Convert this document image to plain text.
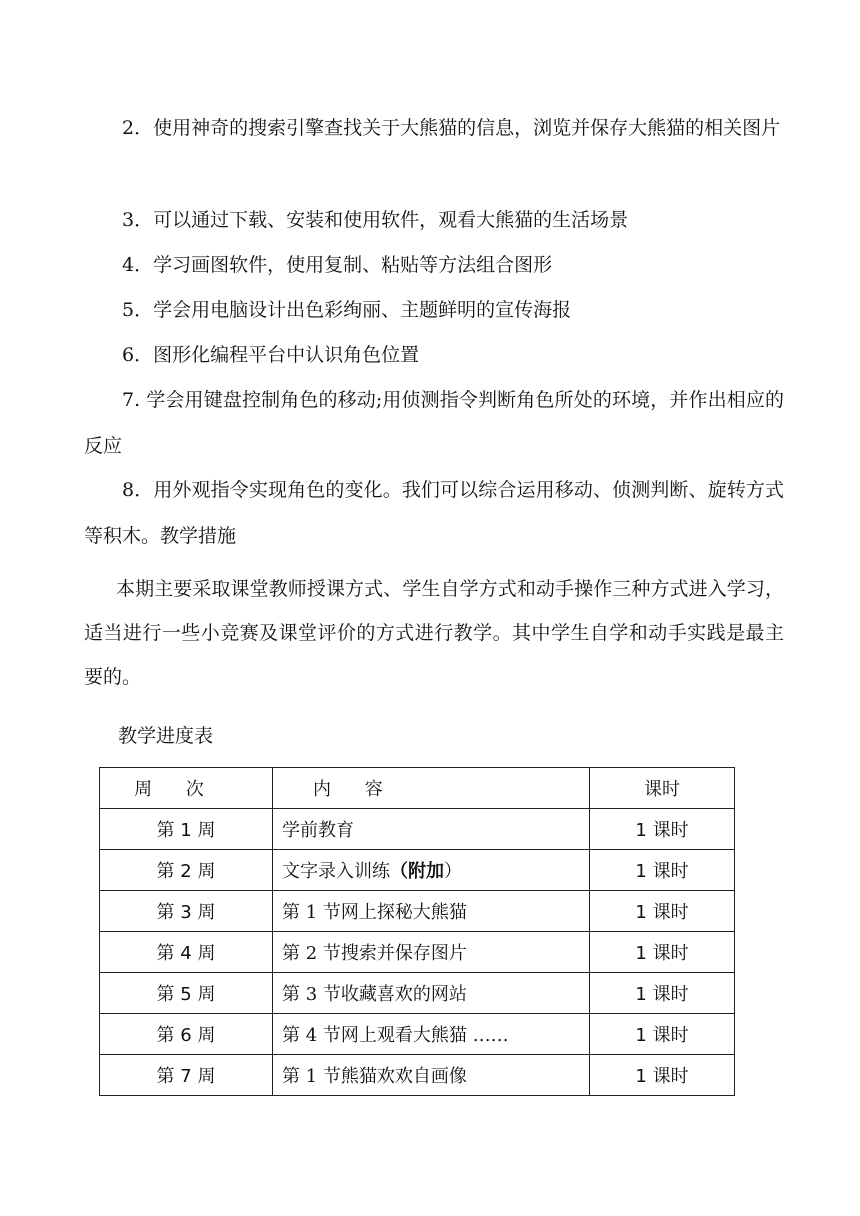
2．使用神奇的搜索引擎查找关于大熊猫的信息，浏览并保存大熊猫的相关图片

3．可以通过下载、安装和使用软件，观看大熊猫的生活场景

4．学习画图软件，使用复制、粘贴等方法组合图形

5．学会用电脑设计出色彩绚丽、主题鲜明的宣传海报

6．图形化编程平台中认识角色位置

7. 学会用键盘控制角色的移动;用侦测指令判断角色所处的环境，并作出相应的反应

8．用外观指令实现角色的变化。我们可以综合运用移动、侦测判断、旋转方式等积木。教学措施

本期主要采取课堂教师授课方式、学生自学方式和动手操作三种方式进入学习，适当进行一些小竞赛及课堂评价的方式进行教学。其中学生自学和动手实践是最主要的。

教学进度表

周 次	内 容	课时
第 1 周	学前教育	1 课时
第 2 周	文字录入训练（附加）	1 课时
第 3 周	第 1 节网上探秘大熊猫	1 课时
第 4 周	第 2 节搜索并保存图片	1 课时
第 5 周	第 3 节收藏喜欢的网站	1 课时
第 6 周	第 4 节网上观看大熊猫 ……	1 课时
第 7 周	第 1 节熊猫欢欢自画像	1 课时
